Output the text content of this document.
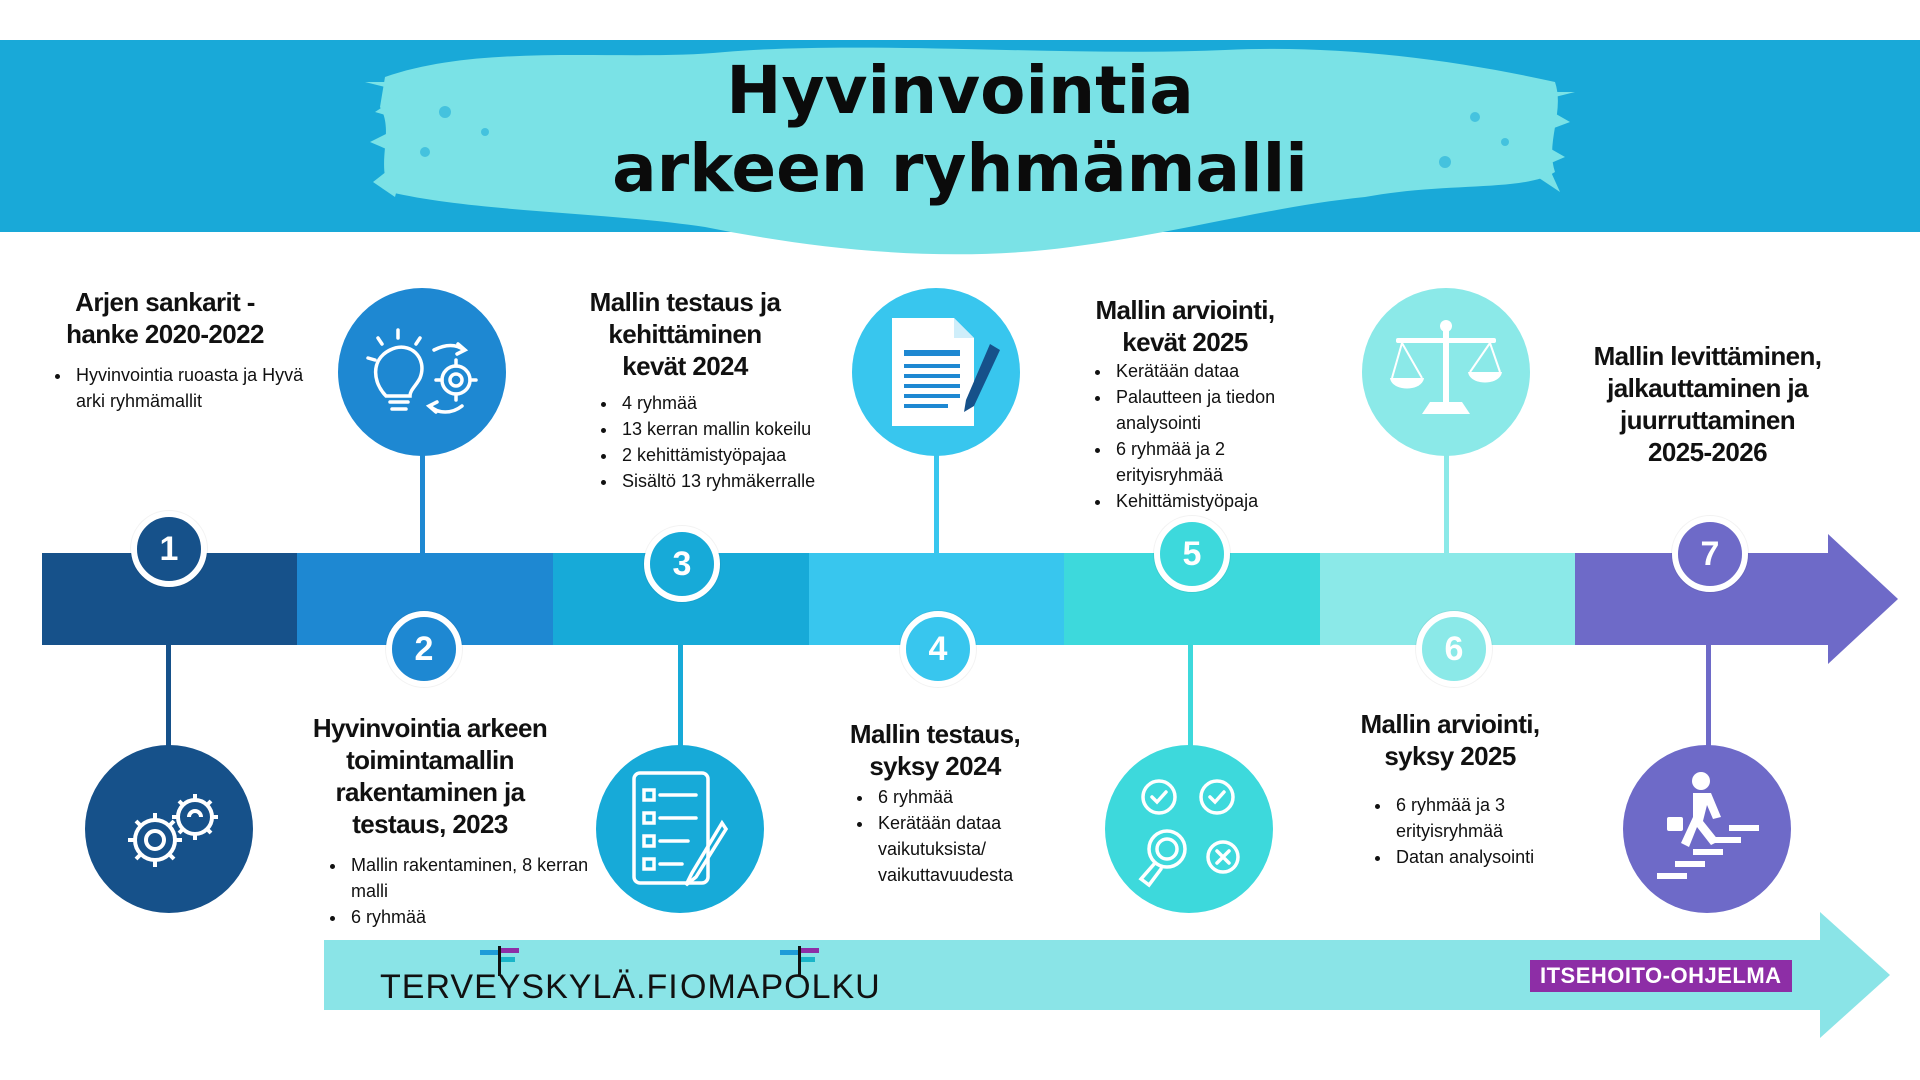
Hyvinvointia
arkeen ryhmämalli
1
2
3
4
5
6
7
Arjen sankarit -
hanke 2020-2022
Hyvinvointia arkeen
toimintamallin
rakentaminen ja
testaus, 2023
Mallin testaus ja
kehittäminen
kevät 2024
Mallin testaus,
syksy 2024
Mallin arviointi,
kevät 2025
Mallin arviointi,
syksy 2025
Mallin levittäminen,
jalkauttaminen ja
juurruttaminen
2025-2026
• Hyvinvointia ruoasta ja Hyvä arki ryhmämallit
• Mallin rakentaminen, 8 kerran malli
• 6 ryhmää
• 4 ryhmää
• 13 kerran mallin kokeilu
• 2 kehittämistyöpajaa
• Sisältö 13 ryhmäkerralle
• 6 ryhmää
• Kerätään dataa vaikutuksista/ vaikuttavuudesta
• Kerätään dataa
• Palautteen ja tiedon analysointi
• 6 ryhmää ja 2 erityisryhmää
• Kehittämistyöpaja
• 6 ryhmää ja 3 erityisryhmää
• Datan analysointi
TERVEYSKYLÄ.FI OMAPOLKU	ITSEHOITO-OHJELMA
